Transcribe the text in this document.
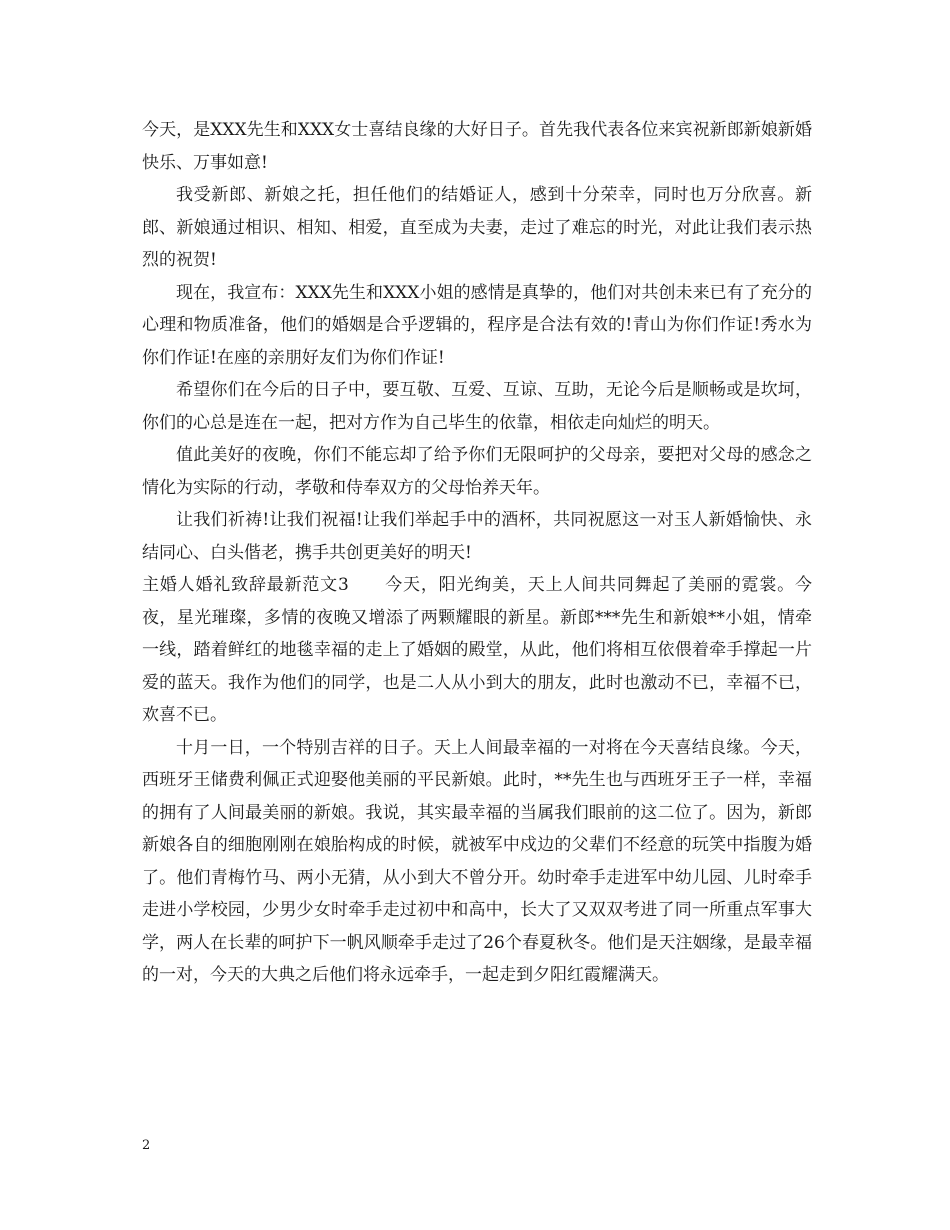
今天，是XXX先生和XXX女士喜结良缘的大好日子。首先我代表各位来宾祝新郎新娘新婚快乐、万事如意!

我受新郎、新娘之托，担任他们的结婚证人，感到十分荣幸，同时也万分欣喜。新郎、新娘通过相识、相知、相爱，直至成为夫妻，走过了难忘的时光，对此让我们表示热烈的祝贺!

现在，我宣布：XXX先生和XXX小姐的感情是真挚的，他们对共创未来已有了充分的心理和物质准备，他们的婚姻是合乎逻辑的，程序是合法有效的!青山为你们作证!秀水为你们作证!在座的亲朋好友们为你们作证!

希望你们在今后的日子中，要互敬、互爱、互谅、互助，无论今后是顺畅或是坎坷，你们的心总是连在一起，把对方作为自己毕生的依靠，相依走向灿烂的明天。

值此美好的夜晚，你们不能忘却了给予你们无限呵护的父母亲，要把对父母的感念之情化为实际的行动，孝敬和侍奉双方的父母怡养天年。

让我们祈祷!让我们祝福!让我们举起手中的酒杯，共同祝愿这一对玉人新婚愉快、永结同心、白头偕老，携手共创更美好的明天!

主婚人婚礼致辞最新范文3　　今天，阳光绚美，天上人间共同舞起了美丽的霓裳。今夜，星光璀璨，多情的夜晚又增添了两颗耀眼的新星。新郎***先生和新娘**小姐，情牵一线，踏着鲜红的地毯幸福的走上了婚姻的殿堂，从此，他们将相互依偎着牵手撑起一片爱的蓝天。我作为他们的同学，也是二人从小到大的朋友，此时也激动不已，幸福不已，欢喜不已。

十月一日，一个特别吉祥的日子。天上人间最幸福的一对将在今天喜结良缘。今天，西班牙王储费利佩正式迎娶他美丽的平民新娘。此时，**先生也与西班牙王子一样，幸福的拥有了人间最美丽的新娘。我说，其实最幸福的当属我们眼前的这二位了。因为，新郎新娘各自的细胞刚刚在娘胎构成的时候，就被军中戍边的父辈们不经意的玩笑中指腹为婚了。他们青梅竹马、两小无猜，从小到大不曾分开。幼时牵手走进军中幼儿园、儿时牵手走进小学校园，少男少女时牵手走过初中和高中，长大了又双双考进了同一所重点军事大学，两人在长辈的呵护下一帆风顺牵手走过了26个春夏秋冬。他们是天注姻缘，是最幸福的一对，今天的大典之后他们将永远牵手，一起走到夕阳红霞耀满天。

2
